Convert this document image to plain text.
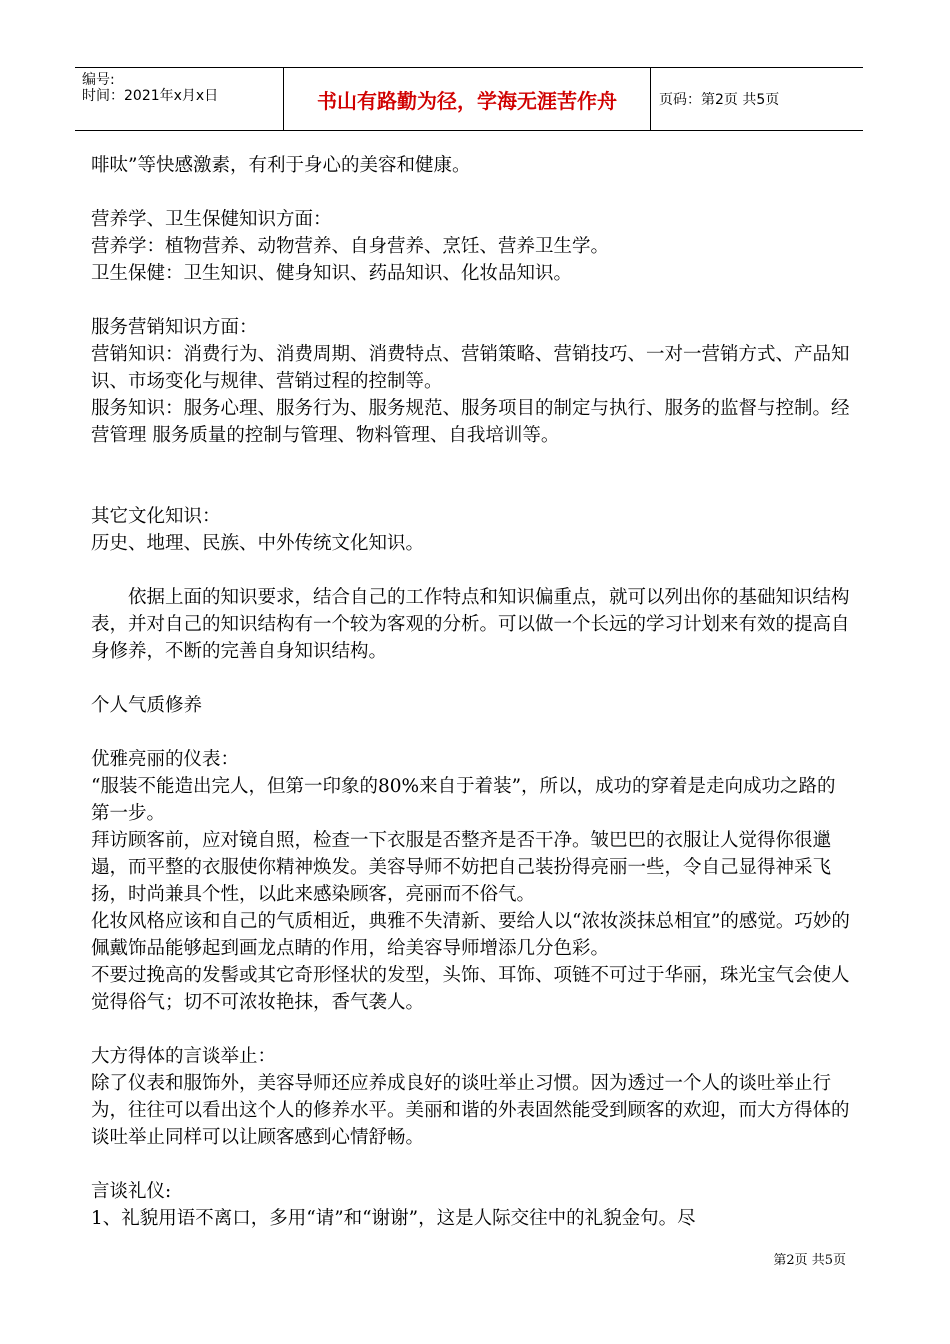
编号:
时间：2021年x月x日	书山有路勤为径，学海无涯苦作舟	页码：第2页 共5页

啡呔”等快感激素，有利于身心的美容和健康。

营养学、卫生保健知识方面：

营养学：植物营养、动物营养、自身营养、烹饪、营养卫生学。

卫生保健：卫生知识、健身知识、药品知识、化妆品知识。

服务营销知识方面：

营销知识：消费行为、消费周期、消费特点、营销策略、营销技巧、一对一营销方式、产品知识、市场变化与规律、营销过程的控制等。

服务知识：服务心理、服务行为、服务规范、服务项目的制定与执行、服务的监督与控制。经营管理 服务质量的控制与管理、物料管理、自我培训等。

其它文化知识：

历史、地理、民族、中外传统文化知识。

依据上面的知识要求，结合自己的工作特点和知识偏重点，就可以列出你的基础知识结构表，并对自己的知识结构有一个较为客观的分析。可以做一个长远的学习计划来有效的提高自身修养，不断的完善自身知识结构。

个人气质修养

优雅亮丽的仪表：

“服装不能造出完人，但第一印象的80%来自于着装”，所以，成功的穿着是走向成功之路的第一步。

拜访顾客前，应对镜自照，检查一下衣服是否整齐是否干净。皱巴巴的衣服让人觉得你很邋遢，而平整的衣服使你精神焕发。美容导师不妨把自己装扮得亮丽一些，令自己显得神采飞扬，时尚兼具个性，以此来感染顾客，亮丽而不俗气。

化妆风格应该和自己的气质相近，典雅不失清新、要给人以“浓妆淡抹总相宜”的感觉。巧妙的佩戴饰品能够起到画龙点睛的作用，给美容导师增添几分色彩。

不要过挽高的发髻或其它奇形怪状的发型，头饰、耳饰、项链不可过于华丽，珠光宝气会使人觉得俗气；切不可浓妆艳抹，香气袭人。

大方得体的言谈举止：

除了仪表和服饰外，美容导师还应养成良好的谈吐举止习惯。因为透过一个人的谈吐举止行为，往往可以看出这个人的修养水平。美丽和谐的外表固然能受到顾客的欢迎，而大方得体的谈吐举止同样可以让顾客感到心情舒畅。

言谈礼仪:

1、礼貌用语不离口，多用“请”和“谢谢”，这是人际交往中的礼貌金句。尽

第2页 共5页
